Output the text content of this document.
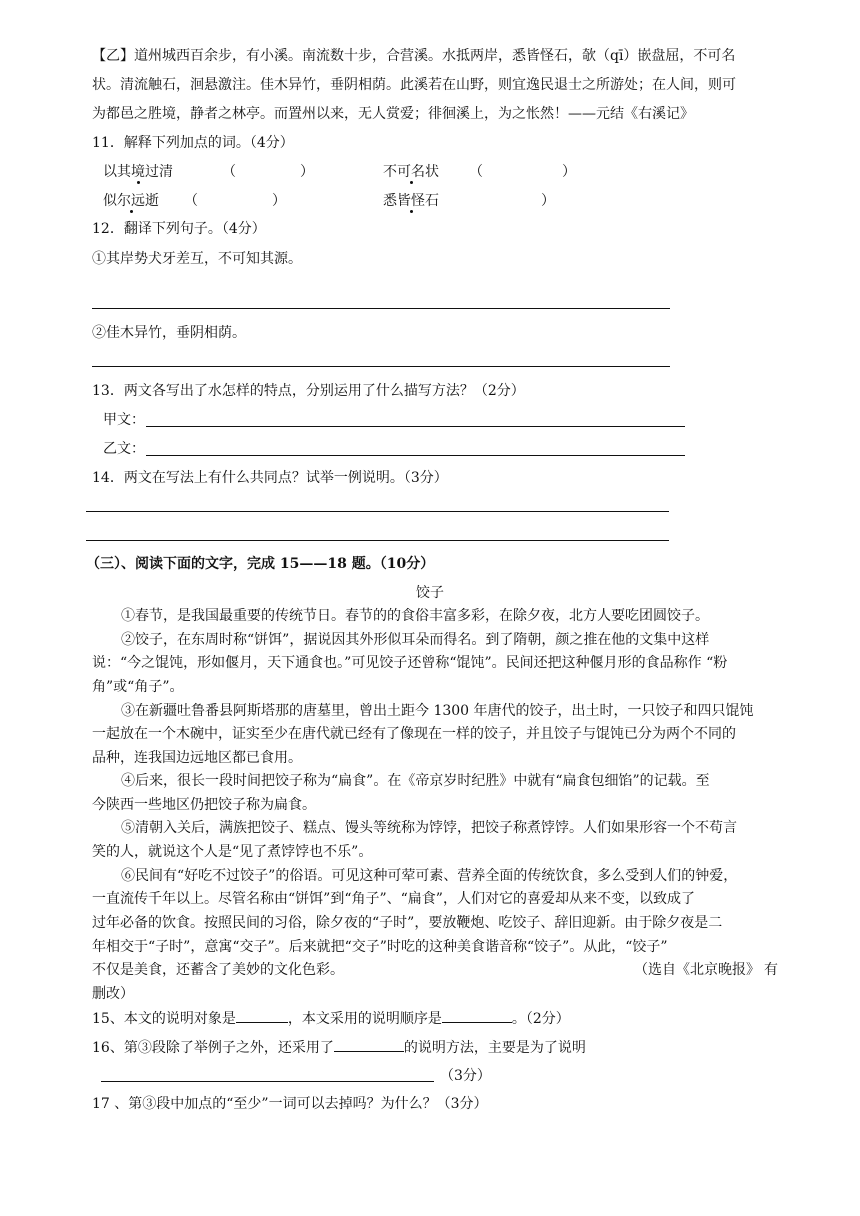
【乙】道州城西百余步，有小溪。南流数十步，合营溪。水抵两岸，悉皆怪石，欹（qī）嵌盘屈，不可名
状。清流触石，洄悬激注。佳木异竹，垂阴相荫。此溪若在山野，则宜逸民退士之所游处；在人间，则可
为都邑之胜境，静者之林亭。而置州以来，无人赏爱；徘徊溪上，为之怅然！——元结《右溪记》
11．解释下列加点的词。（4分）
以其境过清	（	）	不可名状 （	）
似尔远逝 （	）	悉皆怪石	）
12．翻译下列句子。（4分）
①其岸势犬牙差互，不可知其源。
②佳木异竹，垂阴相荫。
13．两文各写出了水怎样的特点，分别运用了什么描写方法？（2分）
甲文：
乙文：
14．两文在写法上有什么共同点？试举一例说明。（3分）
（三）、阅读下面的文字，完成 15——18 题。（10分）
饺子
①春节，是我国最重要的传统节日。春节的的食俗丰富多彩，在除夕夜，北方人要吃团圆饺子。
②饺子，在东周时称“饼饵”，据说因其外形似耳朵而得名。到了隋朝，颜之推在他的文集中这样
说：“今之馄饨，形如偃月，天下通食也。”可见饺子还曾称“馄饨”。民间还把这种偃月形的食品称作 “粉
角”或“角子”。
③在新疆吐鲁番县阿斯塔那的唐墓里，曾出土距今 1300 年唐代的饺子，出土时，一只饺子和四只馄饨
一起放在一个木碗中，证实至少在唐代就已经有了像现在一样的饺子，并且饺子与馄饨已分为两个不同的
品种，连我国边远地区都已食用。
④后来，很长一段时间把饺子称为“扁食”。在《帝京岁时纪胜》中就有“扁食包细馅”的记载。至
今陕西一些地区仍把饺子称为扁食。
⑤清朝入关后，满族把饺子、糕点、馒头等统称为饽饽，把饺子称煮饽饽。人们如果形容一个不苟言
笑的人，就说这个人是“见了煮饽饽也不乐”。
⑥民间有“好吃不过饺子”的俗语。可见这种可荤可素、营养全面的传统饮食，多么受到人们的钟爱，
一直流传千年以上。尽管名称由“饼饵”到“角子”、“扁食”，人们对它的喜爱却从来不变，以致成了
过年必备的饮食。按照民间的习俗，除夕夜的“子时”，要放鞭炮、吃饺子、辞旧迎新。由于除夕夜是二
年相交于“子时”，意寓“交子”。后来就把“交子”时吃的这种美食谐音称“饺子”。从此，“饺子”
不仅是美食，还蓄含了美妙的文化色彩。	（选自《北京晚报》 有
删改）
15、本文的说明对象是	，本文采用的说明顺序是	。（2分）
16、第③段除了举例子之外，还采用了	的说明方法，主要是为了说明
（3分）
17 、第③段中加点的“至少”一词可以去掉吗？为什么？（3分）
